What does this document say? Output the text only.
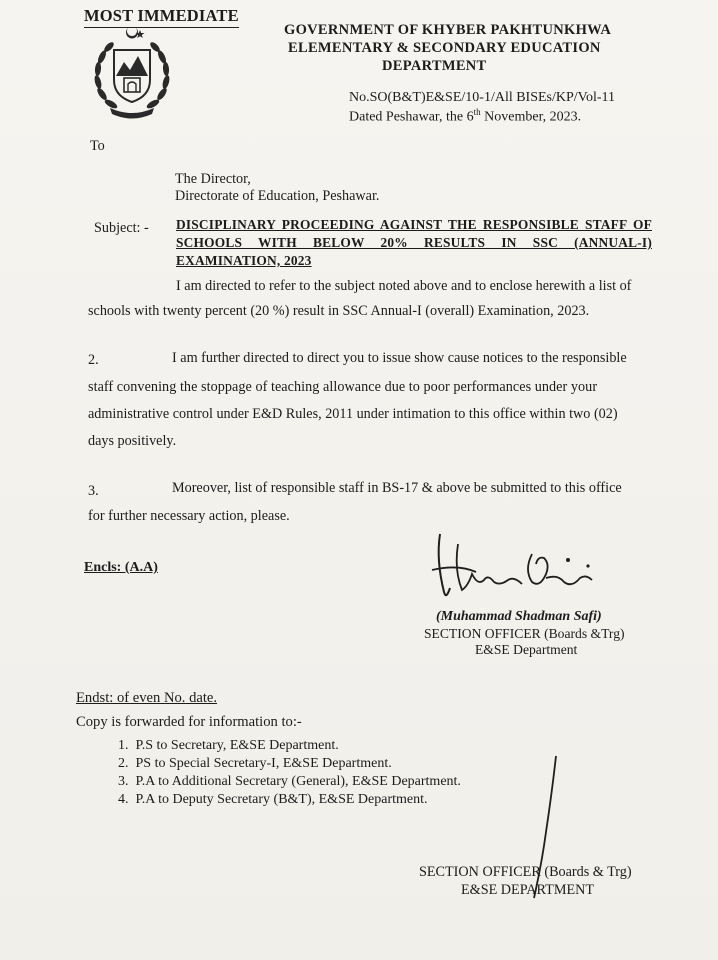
MOST IMMEDIATE
GOVERNMENT OF KHYBER PAKHTUNKHWA
ELEMENTARY & SECONDARY EDUCATION
DEPARTMENT
No.SO(B&T)E&SE/10-1/All BISEs/KP/Vol-11
Dated Peshawar, the 6th November, 2023.
To
The Director,
Directorate of Education, Peshawar.
Subject: - DISCIPLINARY PROCEEDING AGAINST THE RESPONSIBLE STAFF OF SCHOOLS WITH BELOW 20% RESULTS IN SSC (ANNUAL-I) EXAMINATION, 2023
I am directed to refer to the subject noted above and to enclose herewith a list of
schools with twenty percent (20 %) result in SSC Annual-I (overall) Examination, 2023.
2.	I am further directed to direct you to issue show cause notices to the responsible
staff convening the stoppage of teaching allowance due to poor performances under your
administrative control under E&D Rules, 2011 under intimation to this office within two (02)
days positively.
3.	Moreover, list of responsible staff in BS-17 & above be submitted to this office
for further necessary action, please.
Encls: (A.A)
(Muhammad Shadman Safi)
SECTION OFFICER (Boards &Trg)
E&SE Department
Endst: of even No. date.
Copy is forwarded for information to:-
1. P.S to Secretary, E&SE Department.
2. PS to Special Secretary-I, E&SE Department.
3. P.A to Additional Secretary (General), E&SE Department.
4. P.A to Deputy Secretary (B&T), E&SE Department.
SECTION OFFICER (Boards & Trg)
E&SE DEPARTMENT
